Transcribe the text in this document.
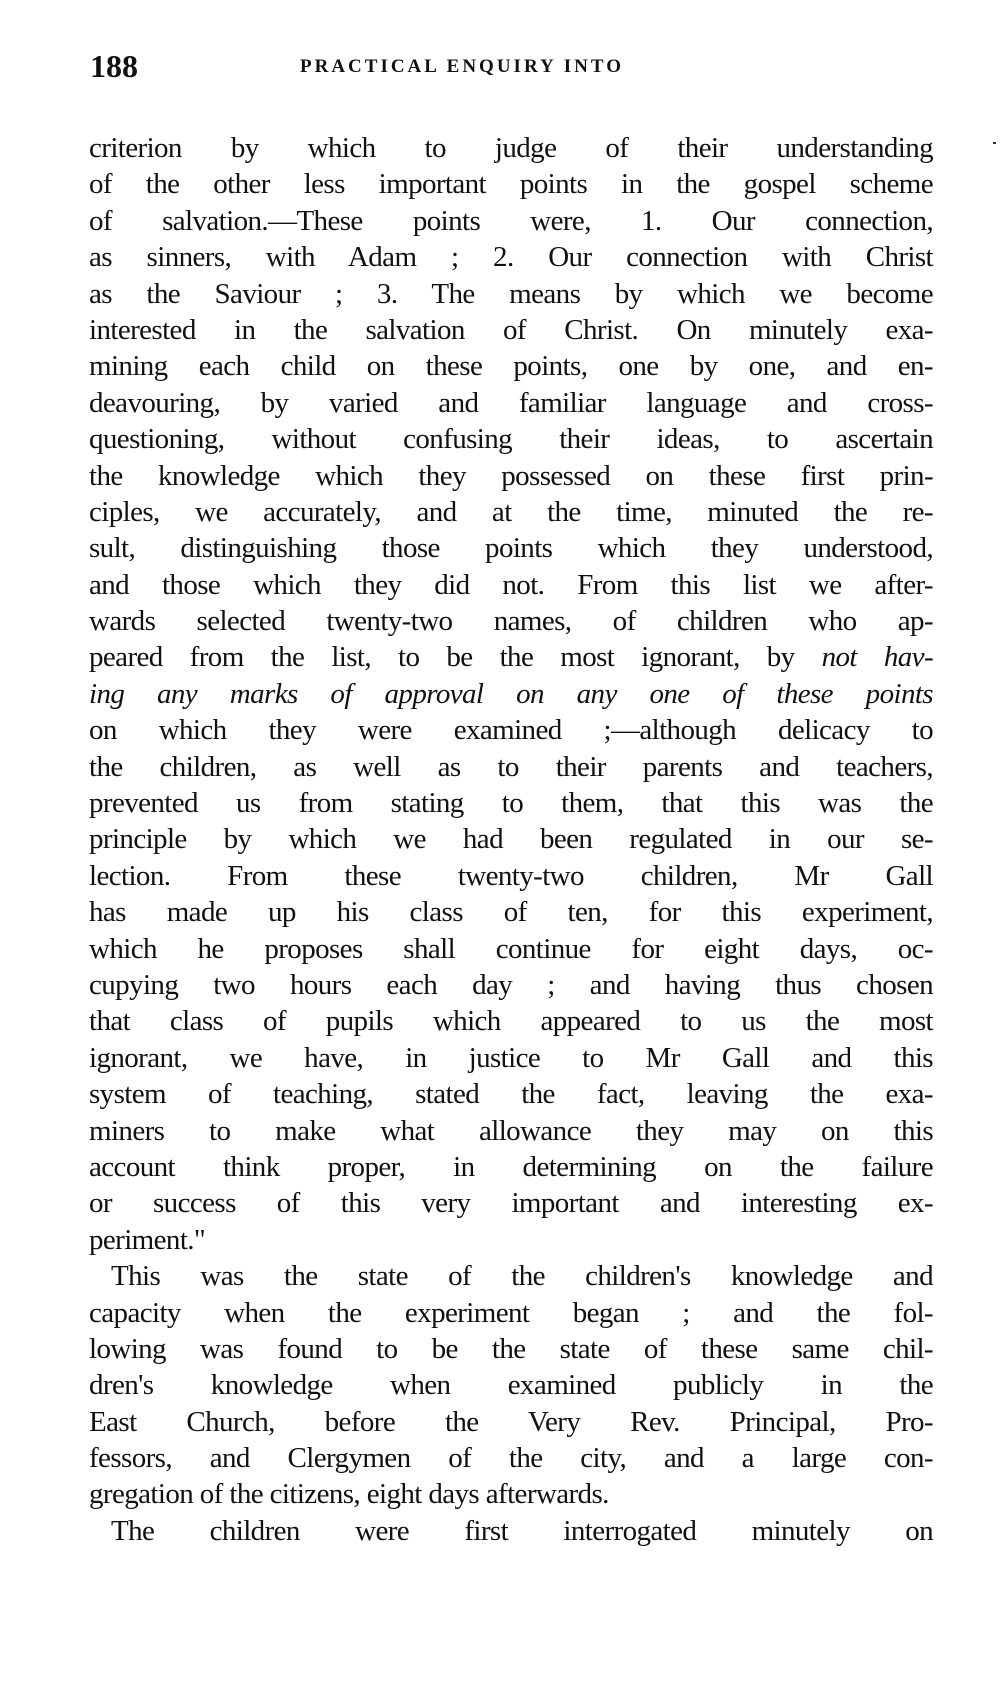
188	PRACTICAL ENQUIRY INTO
criterion by which to judge of their understanding
of the other less important points in the gospel scheme
of salvation.—These points were, 1. Our connection,
as sinners, with Adam ; 2. Our connection with Christ
as the Saviour ; 3. The means by which we become
interested in the salvation of Christ. On minutely exa-
mining each child on these points, one by one, and en-
deavouring, by varied and familiar language and cross-
questioning, without confusing their ideas, to ascertain
the knowledge which they possessed on these first prin-
ciples, we accurately, and at the time, minuted the re-
sult, distinguishing those points which they understood,
and those which they did not. From this list we after-
wards selected twenty-two names, of children who ap-
peared from the list, to be the most ignorant, by not hav-
ing any marks of approval on any one of these points
on which they were examined ;—although delicacy to
the children, as well as to their parents and teachers,
prevented us from stating to them, that this was the
principle by which we had been regulated in our se-
lection. From these twenty-two children, Mr Gall
has made up his class of ten, for this experiment,
which he proposes shall continue for eight days, oc-
cupying two hours each day ; and having thus chosen
that class of pupils which appeared to us the most
ignorant, we have, in justice to Mr Gall and this
system of teaching, stated the fact, leaving the exa-
miners to make what allowance they may on this
account think proper, in determining on the failure
or success of this very important and interesting ex-
periment."
This was the state of the children's knowledge and
capacity when the experiment began ; and the fol-
lowing was found to be the state of these same chil-
dren's knowledge when examined publicly in the
East Church, before the Very Rev. Principal, Pro-
fessors, and Clergymen of the city, and a large con-
gregation of the citizens, eight days afterwards.
The children were first interrogated minutely on
